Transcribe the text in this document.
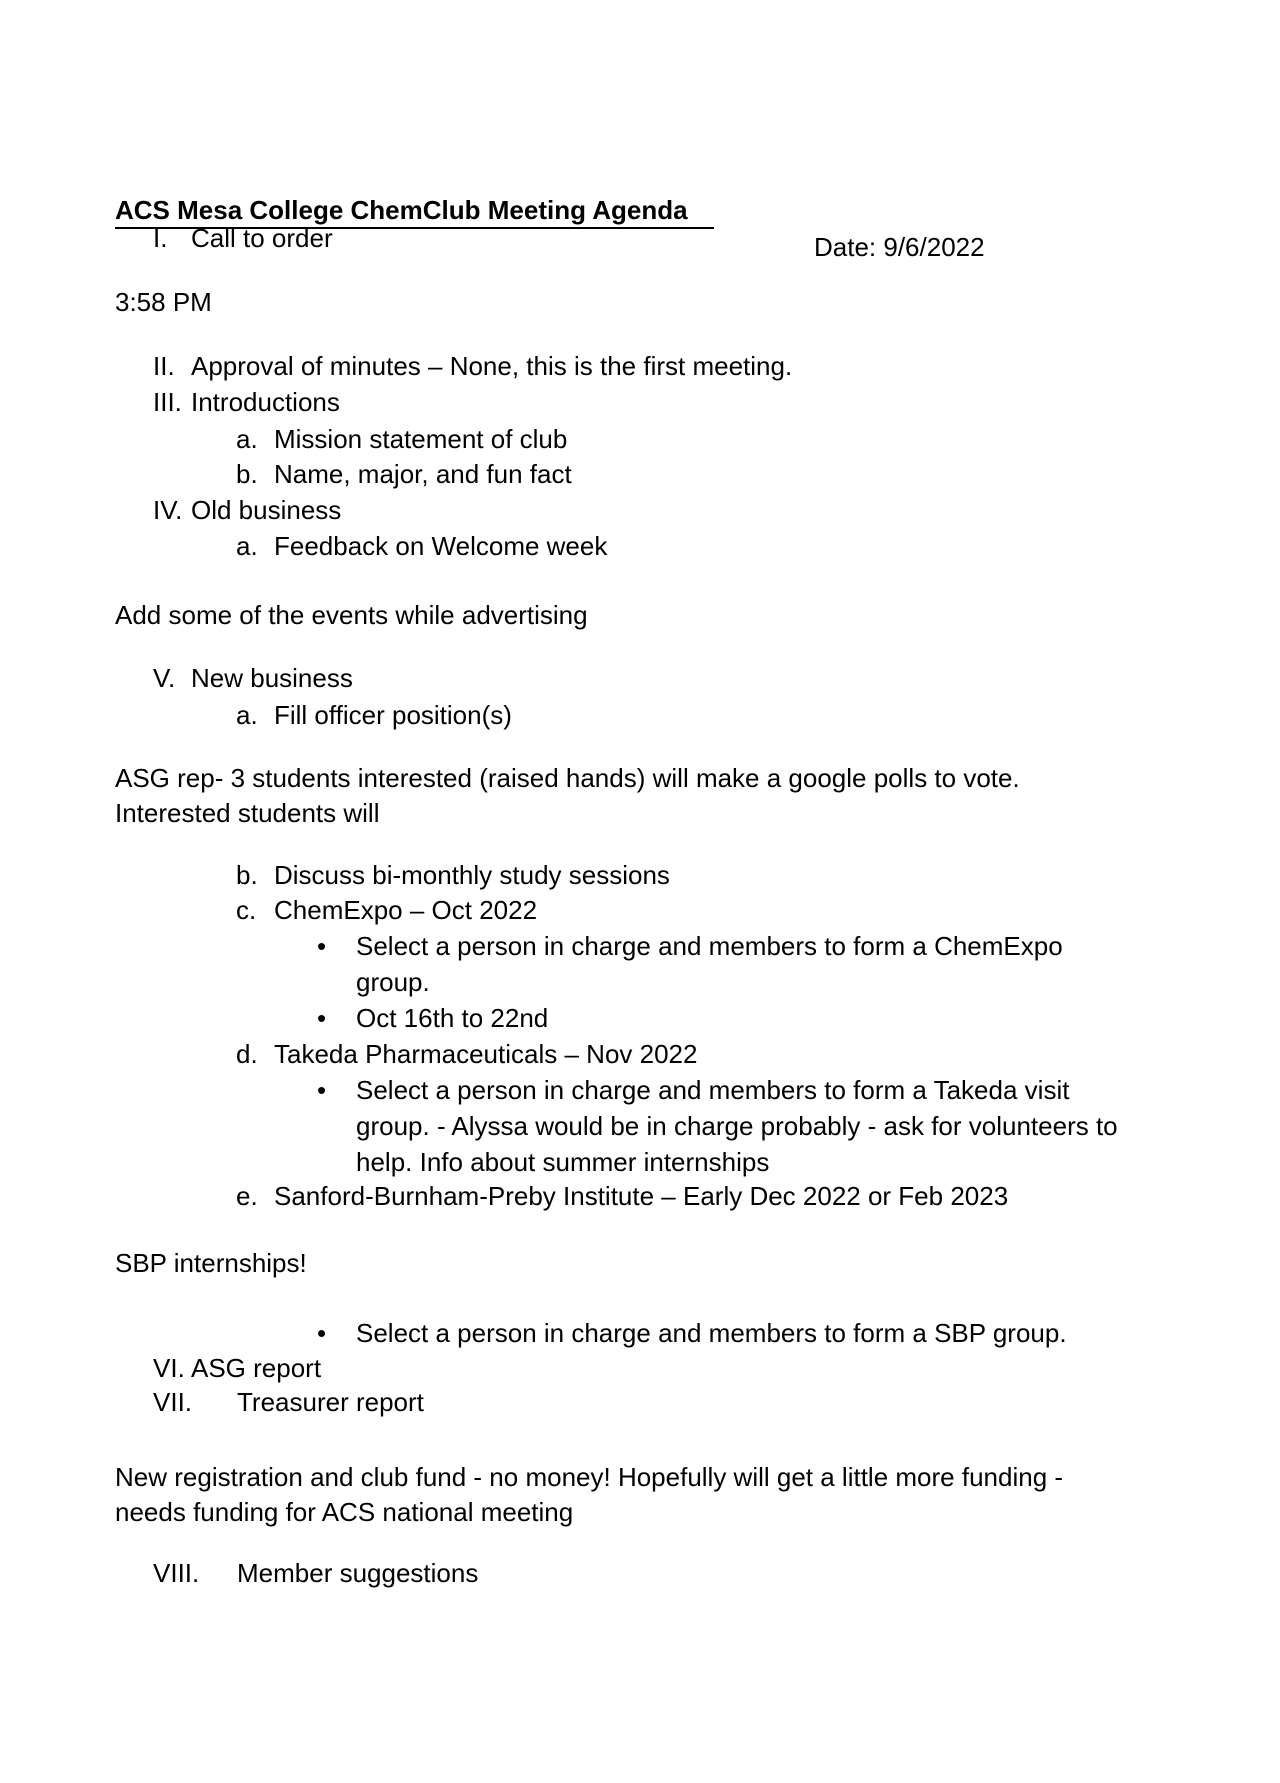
ACS Mesa College ChemClub Meeting Agenda

Date: 9/6/2022

I. Call to order
3:58 PM
II. Approval of minutes – None, this is the first meeting.
III. Introductions
a. Mission statement of club
b. Name, major, and fun fact
IV. Old business
a. Feedback on Welcome week
Add some of the events while advertising
V. New business
a. Fill officer position(s)
ASG rep- 3 students interested (raised hands) will make a google polls to vote.
Interested students will
b. Discuss bi-monthly study sessions
c. ChemExpo – Oct 2022
• Select a person in charge and members to form a ChemExpo
group.
• Oct 16th to 22nd
d. Takeda Pharmaceuticals – Nov 2022
• Select a person in charge and members to form a Takeda visit
group. - Alyssa would be in charge probably - ask for volunteers to
help. Info about summer internships
e. Sanford-Burnham-Preby Institute – Early Dec 2022 or Feb 2023
SBP internships!
• Select a person in charge and members to form a SBP group.
VI. ASG report
VII. Treasurer report
New registration and club fund - no money! Hopefully will get a little more funding -
needs funding for ACS national meeting
VIII. Member suggestions
